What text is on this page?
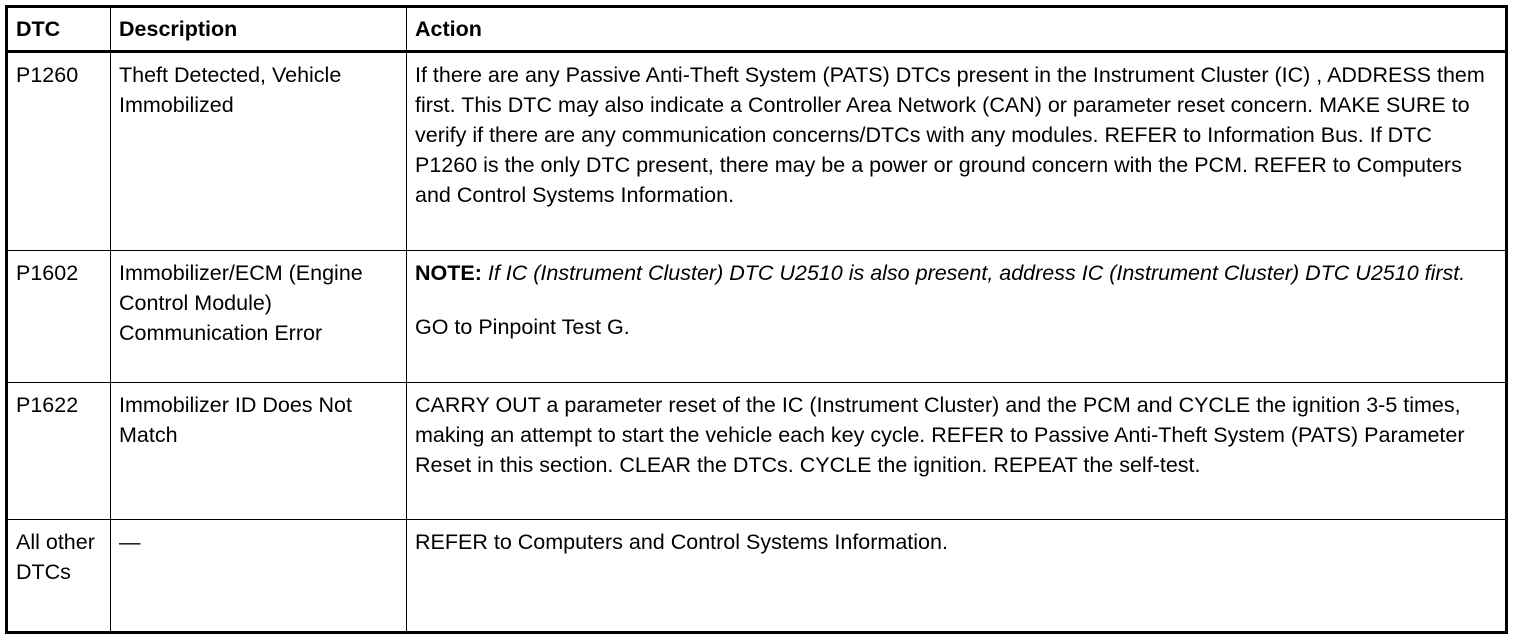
DTC	Description	Action
P1260	Theft Detected, Vehicle Immobilized	If there are any Passive Anti-Theft System (PATS) DTCs present in the Instrument Cluster (IC) , ADDRESS them first. This DTC may also indicate a Controller Area Network (CAN) or parameter reset concern. MAKE SURE to verify if there are any communication concerns/DTCs with any modules. REFER to Information Bus. If DTC P1260 is the only DTC present, there may be a power or ground concern with the PCM. REFER to Computers and Control Systems Information.
P1602	Immobilizer/ECM (Engine Control Module) Communication Error	NOTE: If IC (Instrument Cluster) DTC U2510 is also present, address IC (Instrument Cluster) DTC U2510 first.

GO to Pinpoint Test G.

P1622	Immobilizer ID Does Not Match	CARRY OUT a parameter reset of the IC (Instrument Cluster) and the PCM and CYCLE the ignition 3-5 times, making an attempt to start the vehicle each key cycle. REFER to Passive Anti-Theft System (PATS) Parameter Reset in this section. CLEAR the DTCs. CYCLE the ignition. REPEAT the self-test.
All other DTCs	—	REFER to Computers and Control Systems Information.
